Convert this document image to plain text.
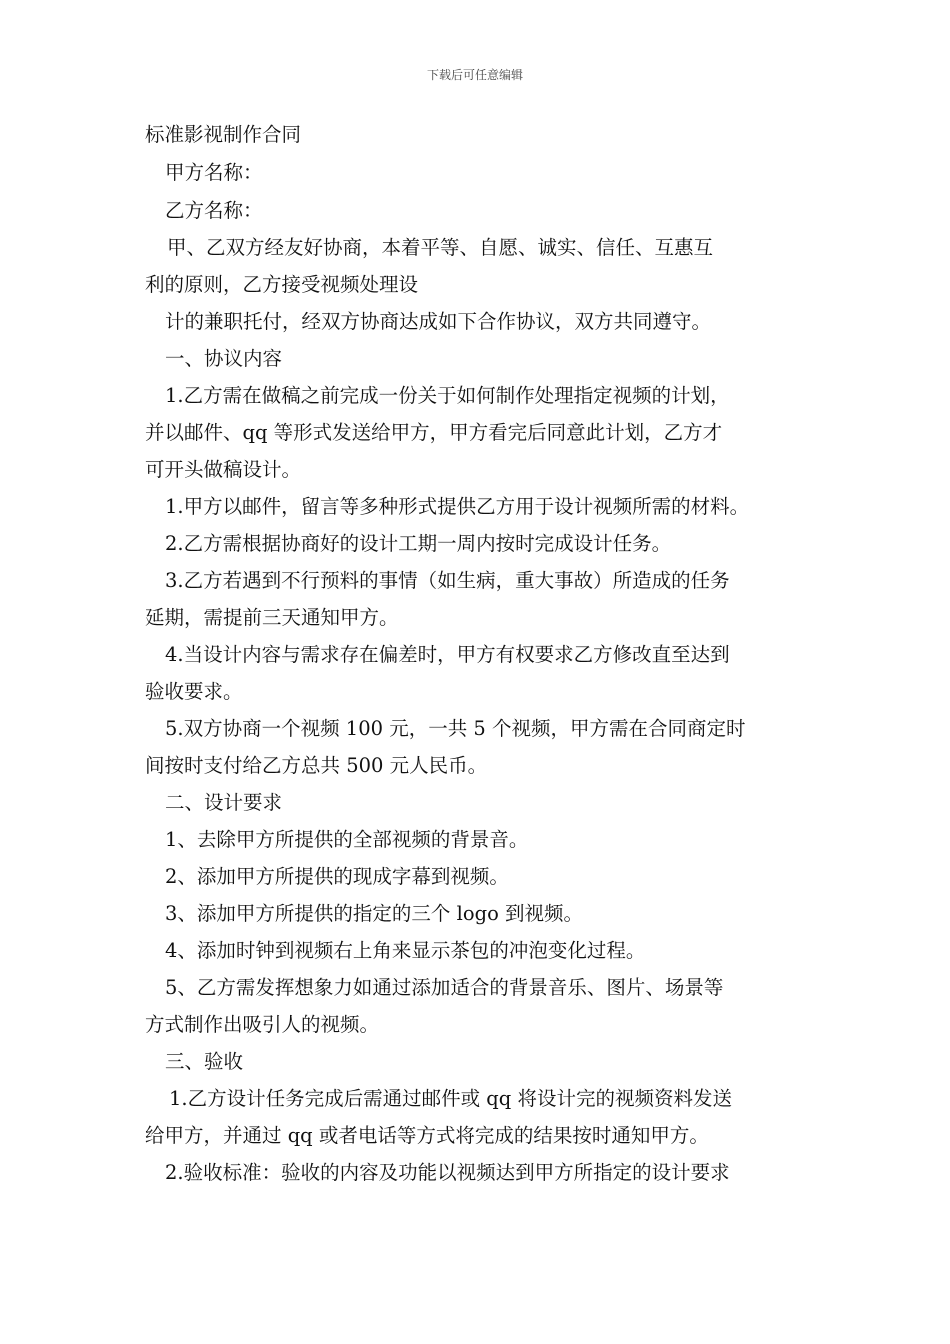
下载后可任意编辑
标准影视制作合同
甲方名称：
乙方名称：
甲、乙双方经友好协商，本着平等、自愿、诚实、信任、互惠互
利的原则，乙方接受视频处理设
计的兼职托付，经双方协商达成如下合作协议，双方共同遵守。
一、协议内容
1.乙方需在做稿之前完成一份关于如何制作处理指定视频的计划，
并以邮件、qq 等形式发送给甲方，甲方看完后同意此计划，乙方才
可开头做稿设计。
1.甲方以邮件，留言等多种形式提供乙方用于设计视频所需的材料。
2.乙方需根据协商好的设计工期一周内按时完成设计任务。
3.乙方若遇到不行预料的事情（如生病，重大事故）所造成的任务
延期，需提前三天通知甲方。
4.当设计内容与需求存在偏差时，甲方有权要求乙方修改直至达到
验收要求。
5.双方协商一个视频 100 元，一共 5 个视频，甲方需在合同商定时
间按时支付给乙方总共 500 元人民币。
二、设计要求
1、去除甲方所提供的全部视频的背景音。
2、添加甲方所提供的现成字幕到视频。
3、添加甲方所提供的指定的三个 logo 到视频。
4、添加时钟到视频右上角来显示茶包的冲泡变化过程。
5、乙方需发挥想象力如通过添加适合的背景音乐、图片、场景等
方式制作出吸引人的视频。
三、验收
1.乙方设计任务完成后需通过邮件或 qq 将设计完的视频资料发送
给甲方，并通过 qq 或者电话等方式将完成的结果按时通知甲方。
2.验收标准：验收的内容及功能以视频达到甲方所指定的设计要求
